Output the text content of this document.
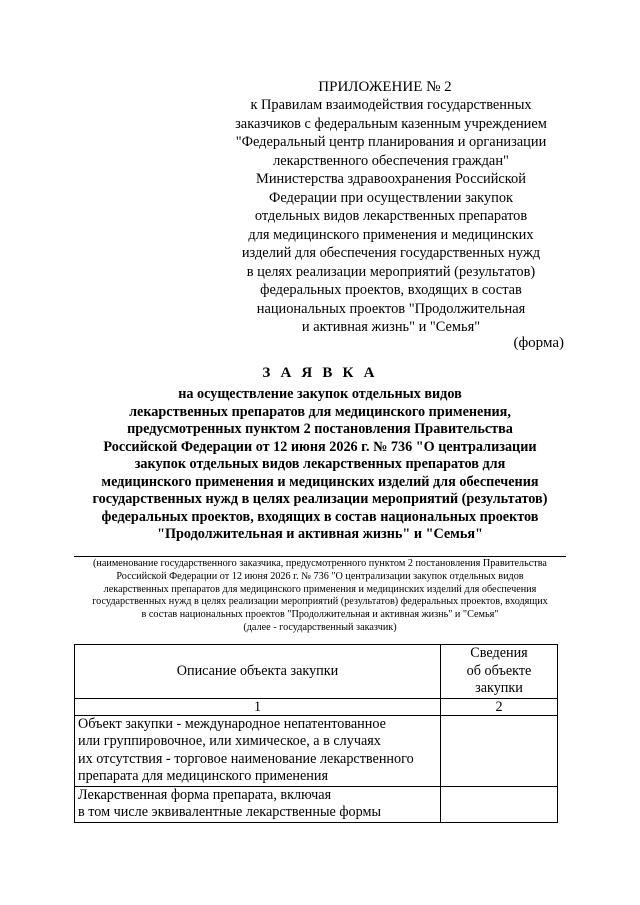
ПРИЛОЖЕНИЕ № 2
к Правилам взаимодействия государственных
заказчиков с федеральным казенным учреждением
"Федеральный центр планирования и организации
лекарственного обеспечения граждан"
Министерства здравоохранения Российской
Федерации при осуществлении закупок
отдельных видов лекарственных препаратов
для медицинского применения и медицинских
изделий для обеспечения государственных нужд
в целях реализации мероприятий (результатов)
федеральных проектов, входящих в состав
национальных проектов "Продолжительная
и активная жизнь" и "Семья"
(форма)
З А Я В К А
на осуществление закупок отдельных видов
лекарственных препаратов для медицинского применения,
предусмотренных пунктом 2 постановления Правительства
Российской Федерации от 12 июня 2026 г. № 736 "О централизации
закупок отдельных видов лекарственных препаратов для
медицинского применения и медицинских изделий для обеспечения
государственных нужд в целях реализации мероприятий (результатов)
федеральных проектов, входящих в состав национальных проектов
"Продолжительная и активная жизнь" и "Семья"
(наименование государственного заказчика, предусмотренного пунктом 2 постановления Правительства
Российской Федерации от 12 июня 2026 г. № 736 "О централизации закупок отдельных видов
лекарственных препаратов для медицинского применения и медицинских изделий для обеспечения
государственных нужд в целях реализации мероприятий (результатов) федеральных проектов, входящих
в состав национальных проектов "Продолжительная и активная жизнь" и "Семья"
(далее - государственный заказчик)
Описание объекта закупки	Сведения
об объекте
закупки

1	2

Объект закупки - международное непатентованное
или группировочное, или химическое, а в случаях
их отсутствия - торговое наименование лекарственного
препарата для медицинского применения	

Лекарственная форма препарата, включая
в том числе эквивалентные лекарственные формы	
